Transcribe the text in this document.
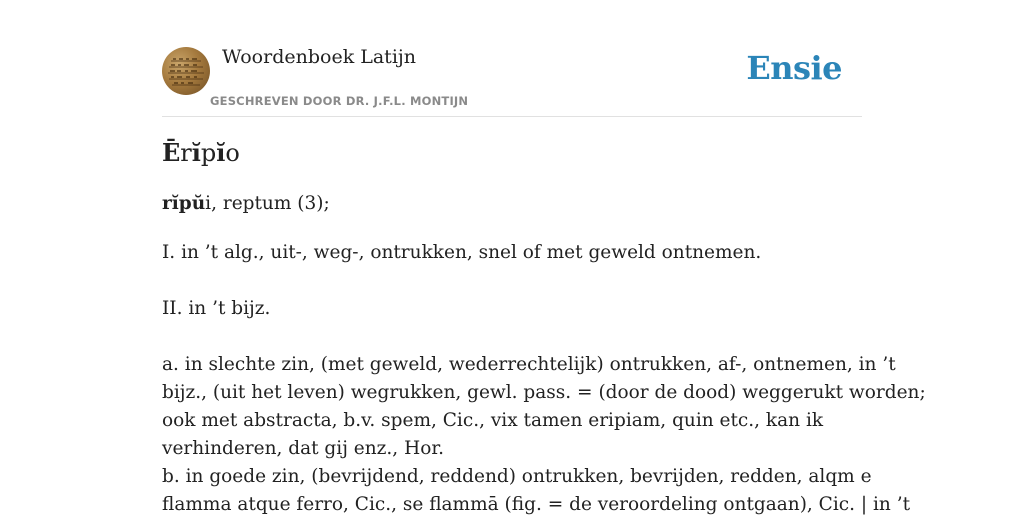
Woordenboek Latijn
GESCHREVEN DOOR DR. J.F.L. MONTIJN
Ensie
Ērĭpĭo
rĭpŭi, reptum (3);

I. in ’t alg., uit-, weg-, ontrukken, snel of met geweld ontnemen.

II. in ’t bijz.

a. in slechte zin, (met geweld, wederrechtelijk) ontrukken, af-, ontnemen, in ’t

bijz., (uit het leven) wegrukken, gewl. pass. = (door de dood) weggerukt worden;

ook met abstracta, b.v. spem, Cic., vix tamen eripiam, quin etc., kan ik

verhinderen, dat gij enz., Hor.

b. in goede zin, (bevrijdend, reddend) ontrukken, bevrijden, redden, alqm e

flamma atque ferro, Cic., se flammā (fig. = de veroordeling ontgaan), Cic. | in ’t
